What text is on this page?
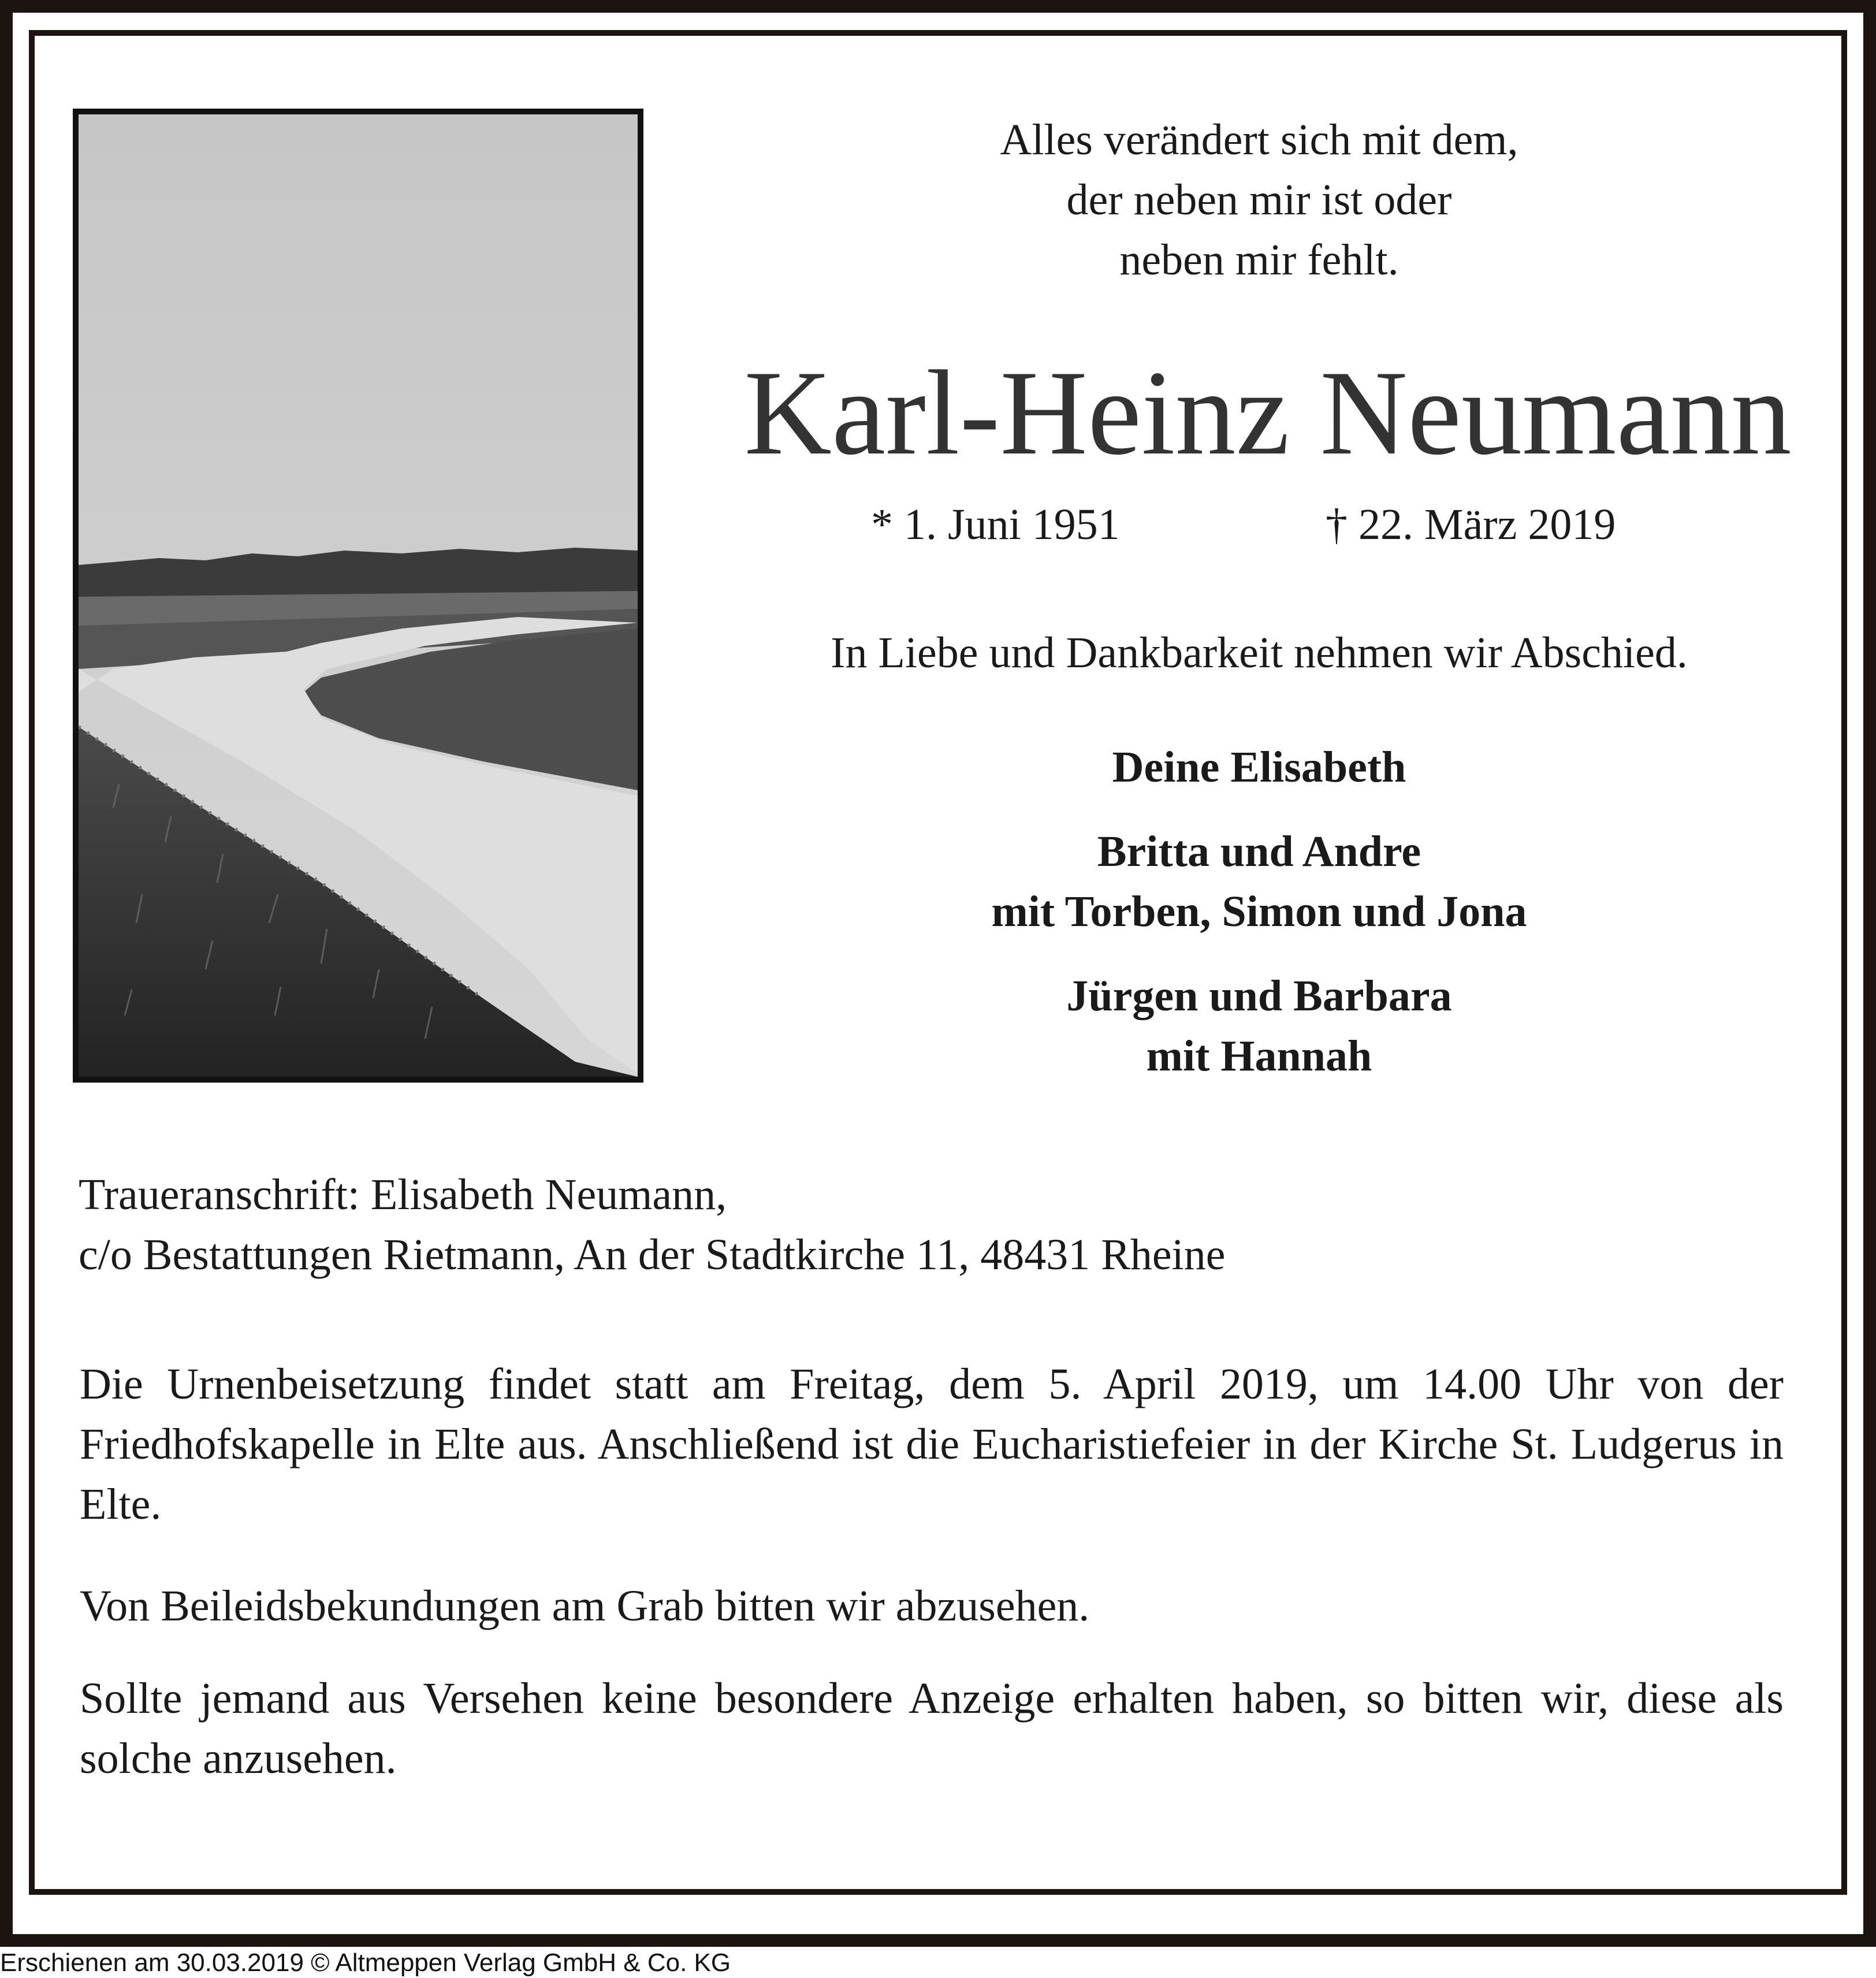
Alles verändert sich mit dem,
der neben mir ist oder
neben mir fehlt.
Karl-Heinz Neumann
* 1. Juni 1951	† 22. März 2019
In Liebe und Dankbarkeit nehmen wir Abschied.
Deine Elisabeth
Britta und Andre
mit Torben, Simon und Jona
Jürgen und Barbara
mit Hannah
Traueranschrift: Elisabeth Neumann,
c/o Bestattungen Rietmann, An der Stadtkirche 11, 48431 Rheine
Die Urnenbeisetzung findet statt am Freitag, dem 5. April 2019, um 14.00 Uhr von der Friedhofskapelle in Elte aus. Anschließend ist die Eucharistiefeier in der Kirche St. Ludgerus in Elte.
Von Beileidsbekundungen am Grab bitten wir abzusehen.
Sollte jemand aus Versehen keine besondere Anzeige erhalten haben, so bitten wir, diese als solche anzusehen.
Erschienen am 30.03.2019 © Altmeppen Verlag GmbH & Co. KG
